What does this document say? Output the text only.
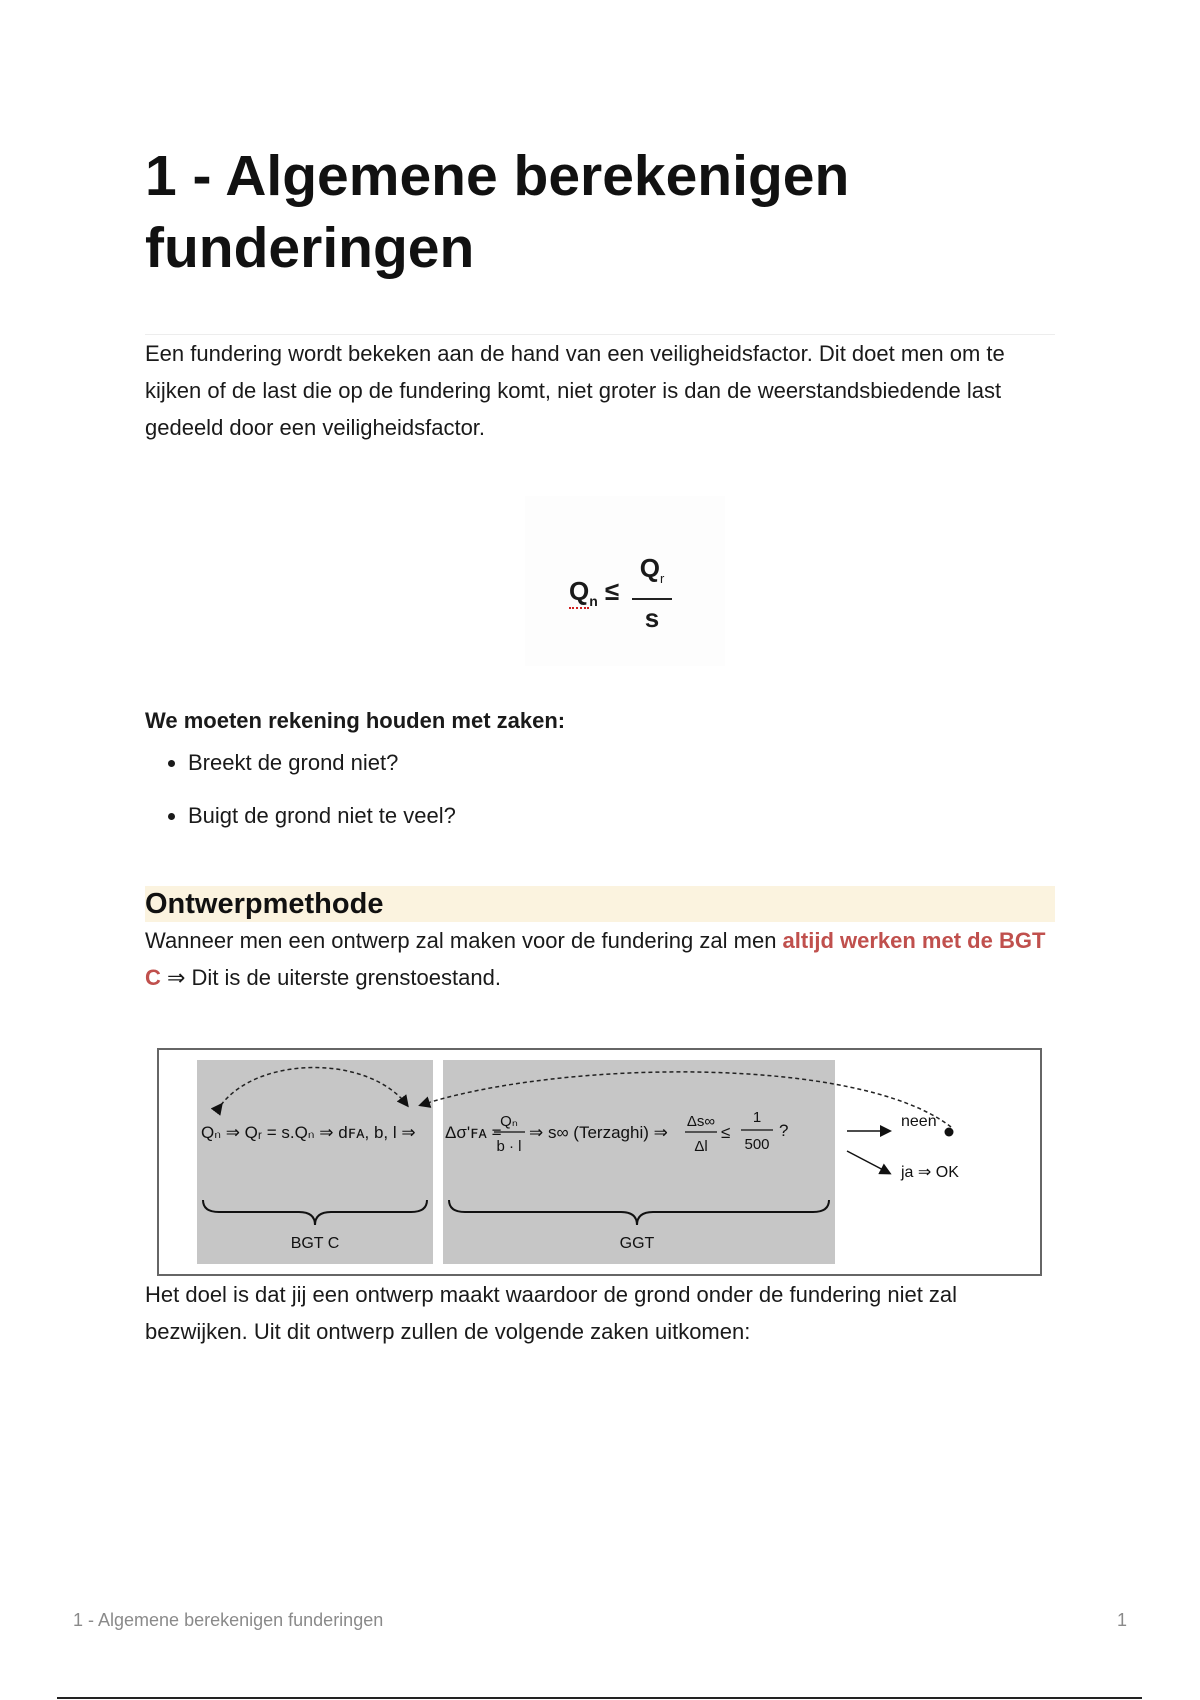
1 - Algemene berekenigen funderingen

Een fundering wordt bekeken aan de hand van een veiligheidsfactor. Dit doet men om te kijken of de last die op de fundering komt, niet groter is dan de weerstandsbiedende last gedeeld door een veiligheidsfactor.

$Q_n$ ≤
$Q_r$
s

We moeten rekening houden met zaken:

• Breekt de grond niet?
• Buigt de grond niet te veel?
Ontwerpmethode

Wanneer men een ontwerp zal maken voor de fundering zal men altijd werken met de BGT C ⇒ Dit is de uiterste grenstoestand.

Qₙ ⇒ Qᵣ = s.Qₙ ⇒ dꜰᴀ, b, l ⇒ Δσ'ꜰᴀ =
Qₙ
b · l
⇒ s∞ (Terzaghi) ⇒
Δs∞
Δl
≤
1
500
?	neen
ja ⇒ OK
BGT C	GGT

Het doel is dat jij een ontwerp maakt waardoor de grond onder de fundering niet zal bezwijken. Uit dit ontwerp zullen de volgende zaken uitkomen:

1 - Algemene berekenigen funderingen	1
